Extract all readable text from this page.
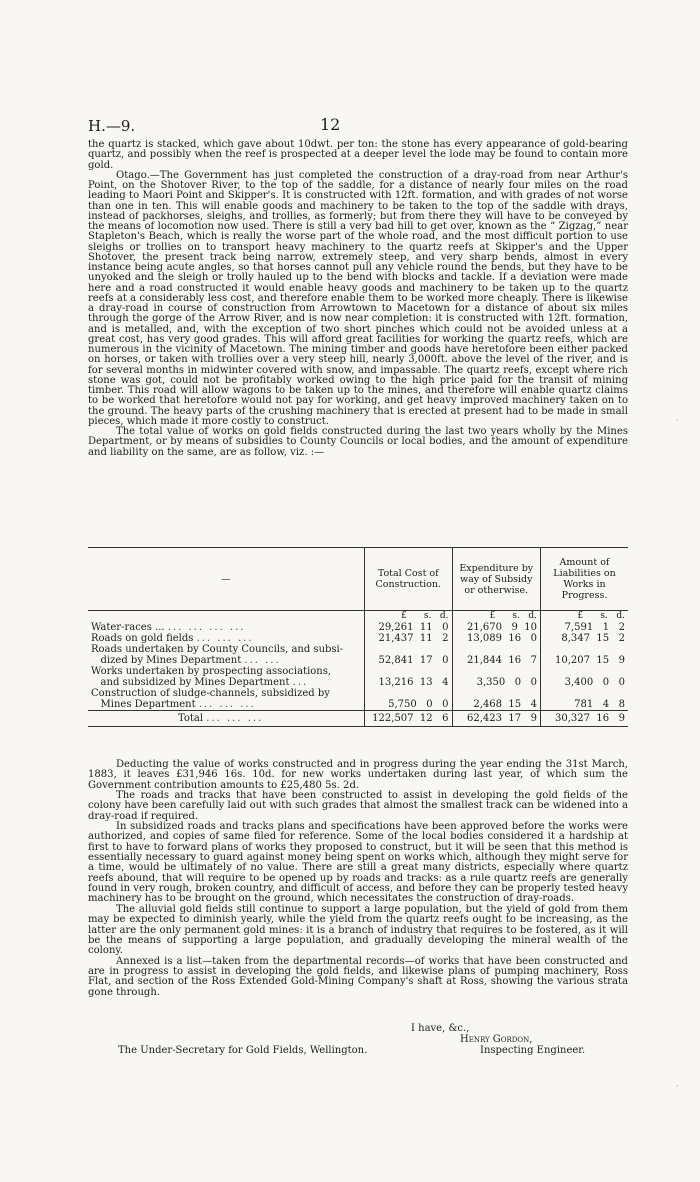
H.—9.	12

the quartz is stacked, which gave about 10dwt. per ton: the stone has every appearance of gold-bearing quartz, and possibly when the reef is prospected at a deeper level the lode may be found to contain more gold.

Otago.—The Government has just completed the construction of a dray-road from near Arthur's Point, on the Shotover River, to the top of the saddle, for a distance of nearly four miles on the road leading to Maori Point and Skipper's. It is constructed with 12ft. formation, and with grades of not worse than one in ten. This will enable goods and machinery to be taken to the top of the saddle with drays, instead of packhorses, sleighs, and trollies, as formerly; but from there they will have to be conveyed by the means of locomotion now used. There is still a very bad hill to get over, known as the “ Zigzag,” near Stapleton's Beach, which is really the worse part of the whole road, and the most difficult portion to use sleighs or trollies on to transport heavy machinery to the quartz reefs at Skipper's and the Upper Shotover, the present track being narrow, extremely steep, and very sharp bends, almost in every instance being acute angles, so that horses cannot pull any vehicle round the bends, but they have to be unyoked and the sleigh or trolly hauled up to the bend with blocks and tackle. If a deviation were made here and a road constructed it would enable heavy goods and machinery to be taken up to the quartz reefs at a considerably less cost, and therefore enable them to be worked more cheaply. There is likewise a dray-road in course of construction from Arrowtown to Macetown for a distance of about six miles through the gorge of the Arrow River, and is now near completion: it is constructed with 12ft. formation, and is metalled, and, with the exception of two short pinches which could not be avoided unless at a great cost, has very good grades. This will afford great facilities for working the quartz reefs, which are numerous in the vicinity of Macetown. The mining timber and goods have heretofore been either packed on horses, or taken with trollies over a very steep hill, nearly 3,000ft. above the level of the river, and is for several months in midwinter covered with snow, and impassable. The quartz reefs, except where rich stone was got, could not be profitably worked owing to the high price paid for the transit of mining timber. This road will allow wagons to be taken up to the mines, and therefore will enable quartz claims to be worked that heretofore would not pay for working, and get heavy improved machinery taken on to the ground. The heavy parts of the crushing machinery that is erected at present had to be made in small pieces, which made it more costly to construct.

The total value of works on gold fields constructed during the last two years wholly by the Mines Department, or by means of subsidies to County Councils or local bodies, and the amount of expenditure and liability on the same, are as follow, viz. :—

—	Total Cost of Construction.	Expenditure by way of Subsidy or otherwise.	Amount of Liabilities on Works in Progress.
	£      s.   d.	£      s.   d.	£      s.   d.
Water-races ... ... ... ... ...	29,261  11   0	21,670   9  10	7,591   1   2
Roads on gold fields ... ... ...	21,437  11   2	13,089  16   0	8,347  15   2
Roads undertaken by County Councils, and subsi-
dized by Mines Department ... ...	52,841  17   0	21,844  16   7	10,207  15   9
Works undertaken by prospecting associations,
and subsidized by Mines Department ...	13,216  13   4	3,350   0   0	3,400   0   0
Construction of sludge-channels, subsidized by
Mines Department ... ... ...	5,750   0   0	2,468  15   4	781   4   8
Total ... ... ...	122,507  12   6	62,423  17   9	30,327  16   9

Deducting the value of works constructed and in progress during the year ending the 31st March, 1883, it leaves £31,946 16s. 10d. for new works undertaken during last year, of which sum the Government contribution amounts to £25,480 5s. 2d.

The roads and tracks that have been constructed to assist in developing the gold fields of the colony have been carefully laid out with such grades that almost the smallest track can be widened into a dray-road if required.

In subsidized roads and tracks plans and specifications have been approved before the works were authorized, and copies of same filed for reference. Some of the local bodies considered it a hardship at first to have to forward plans of works they proposed to construct, but it will be seen that this method is essentially necessary to guard against money being spent on works which, although they might serve for a time, would be ultimately of no value. There are still a great many districts, especially where quartz reefs abound, that will require to be opened up by roads and tracks: as a rule quartz reefs are generally found in very rough, broken country, and difficult of access, and before they can be properly tested heavy machinery has to be brought on the ground, which necessitates the construction of dray-roads.

The alluvial gold fields still continue to support a large population, but the yield of gold from them may be expected to diminish yearly, while the yield from the quartz reefs ought to be increasing, as the latter are the only permanent gold mines: it is a branch of industry that requires to be fostered, as it will be the means of supporting a large population, and gradually developing the mineral wealth of the colony.

Annexed is a list—taken from the departmental records—of works that have been constructed and are in progress to assist in developing the gold fields, and likewise plans of pumping machinery, Ross Flat, and section of the Ross Extended Gold-Mining Company's shaft at Ross, showing the various strata gone through.

I have, &c.,
Henry Gordon,
The Under-Secretary for Gold Fields, Wellington.	Inspecting Engineer.
·
·
